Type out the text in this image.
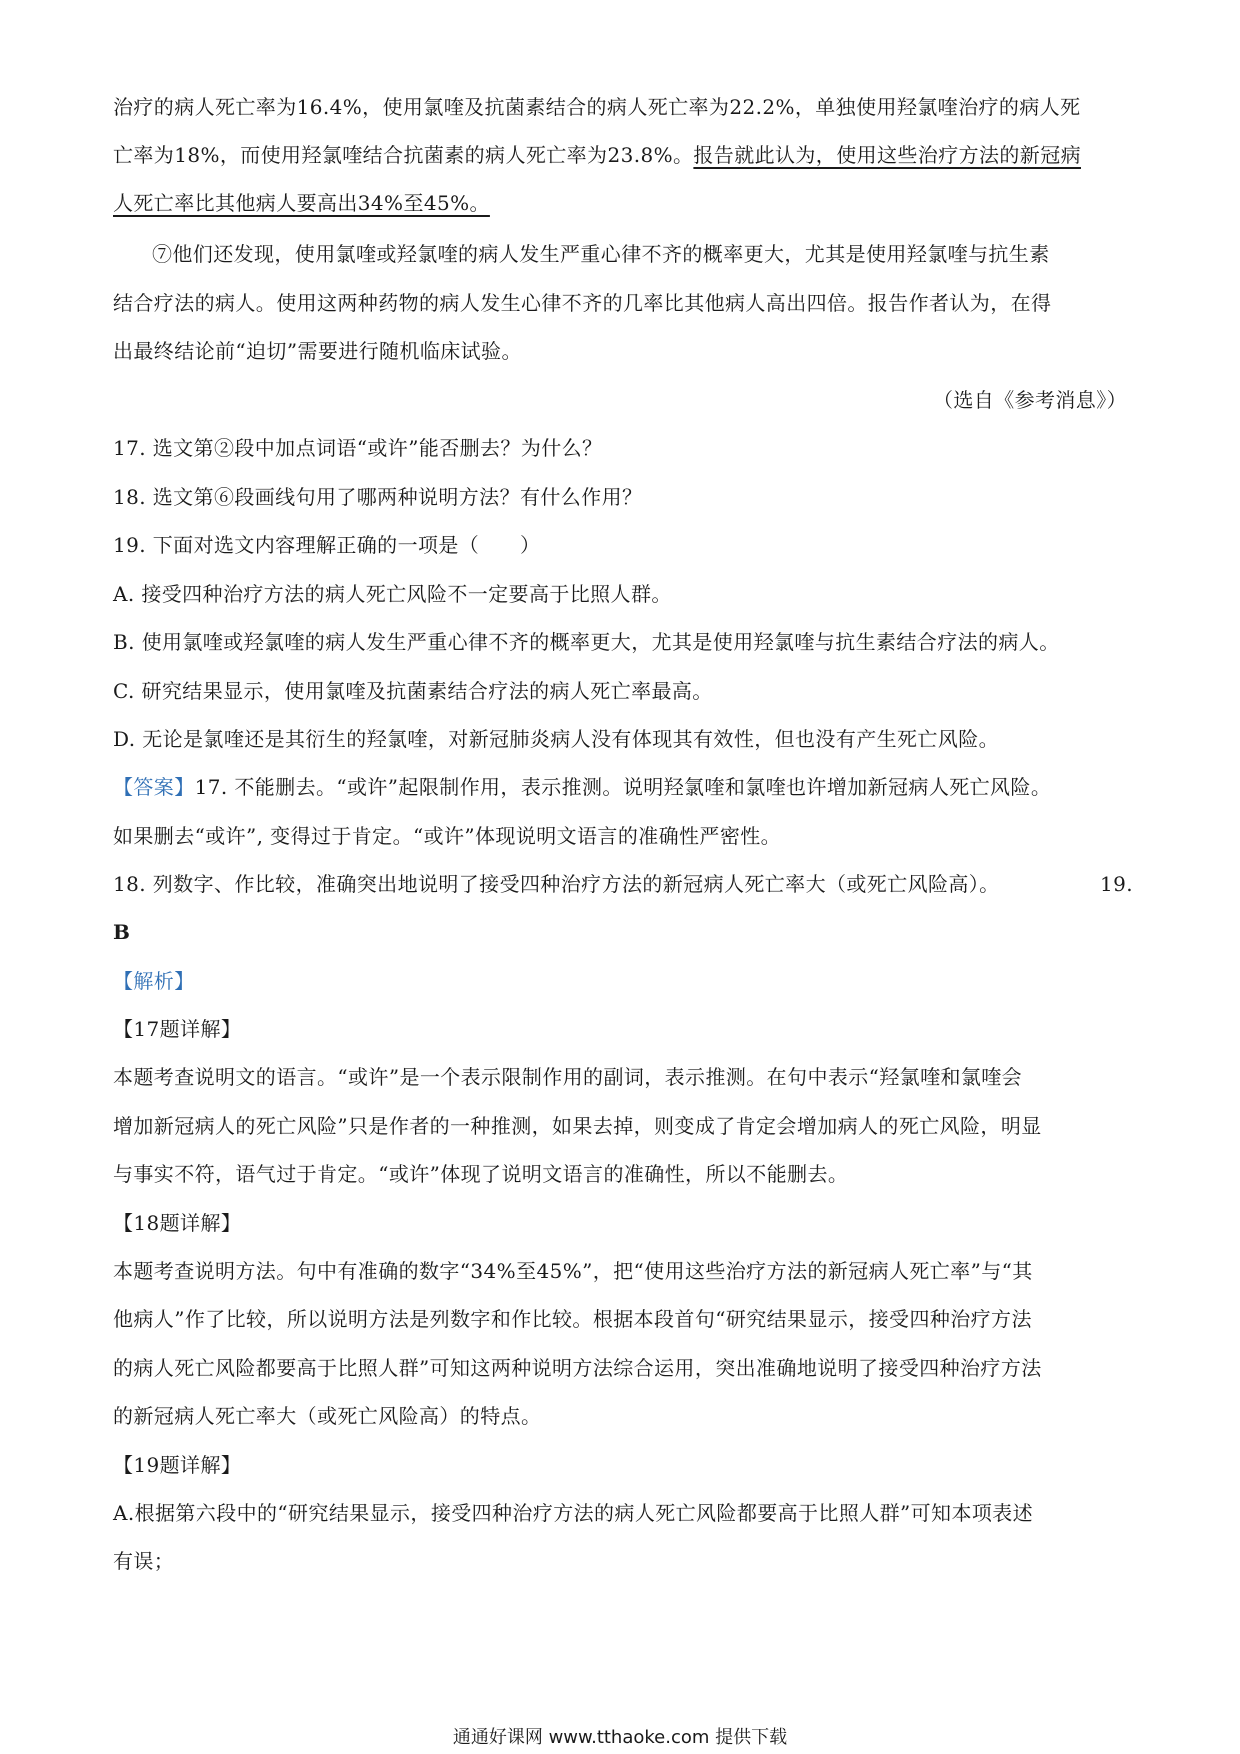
治疗的病人死亡率为16.4%，使用氯喹及抗菌素结合的病人死亡率为22.2%，单独使用羟氯喹治疗的病人死
亡率为18%，而使用羟氯喹结合抗菌素的病人死亡率为23.8%。报告就此认为，使用这些治疗方法的新冠病
人死亡率比其他病人要高出34%至45%。
⑦他们还发现，使用氯喹或羟氯喹的病人发生严重心律不齐的概率更大，尤其是使用羟氯喹与抗生素
结合疗法的病人。使用这两种药物的病人发生心律不齐的几率比其他病人高出四倍。报告作者认为，在得
出最终结论前“迫切”需要进行随机临床试验。
（选自《参考消息》）
17. 选文第②段中加点词语“或许”能否删去？为什么？
18. 选文第⑥段画线句用了哪两种说明方法？有什么作用？
19. 下面对选文内容理解正确的一项是（　　）
A. 接受四种治疗方法的病人死亡风险不一定要高于比照人群。
B. 使用氯喹或羟氯喹的病人发生严重心律不齐的概率更大，尤其是使用羟氯喹与抗生素结合疗法的病人。
C. 研究结果显示，使用氯喹及抗菌素结合疗法的病人死亡率最高。
D. 无论是氯喹还是其衍生的羟氯喹，对新冠肺炎病人没有体现其有效性，但也没有产生死亡风险。
【答案】17. 不能删去。“或许”起限制作用，表示推测。说明羟氯喹和氯喹也许增加新冠病人死亡风险。
如果删去“或许”, 变得过于肯定。“或许”体现说明文语言的准确性严密性。
18. 列数字、作比较，准确突出地说明了接受四种治疗方法的新冠病人死亡率大（或死亡风险高）。	19.
B
【解析】
【17题详解】
本题考查说明文的语言。“或许”是一个表示限制作用的副词，表示推测。在句中表示“羟氯喹和氯喹会
增加新冠病人的死亡风险”只是作者的一种推测，如果去掉，则变成了肯定会增加病人的死亡风险，明显
与事实不符，语气过于肯定。“或许”体现了说明文语言的准确性，所以不能删去。
【18题详解】
本题考查说明方法。句中有准确的数字“34%至45%”，把“使用这些治疗方法的新冠病人死亡率”与“其
他病人”作了比较，所以说明方法是列数字和作比较。根据本段首句“研究结果显示，接受四种治疗方法
的病人死亡风险都要高于比照人群”可知这两种说明方法综合运用，突出准确地说明了接受四种治疗方法
的新冠病人死亡率大（或死亡风险高）的特点。
【19题详解】
A.根据第六段中的“研究结果显示，接受四种治疗方法的病人死亡风险都要高于比照人群”可知本项表述
有误；
通通好课网 www.tthaoke.com 提供下载
